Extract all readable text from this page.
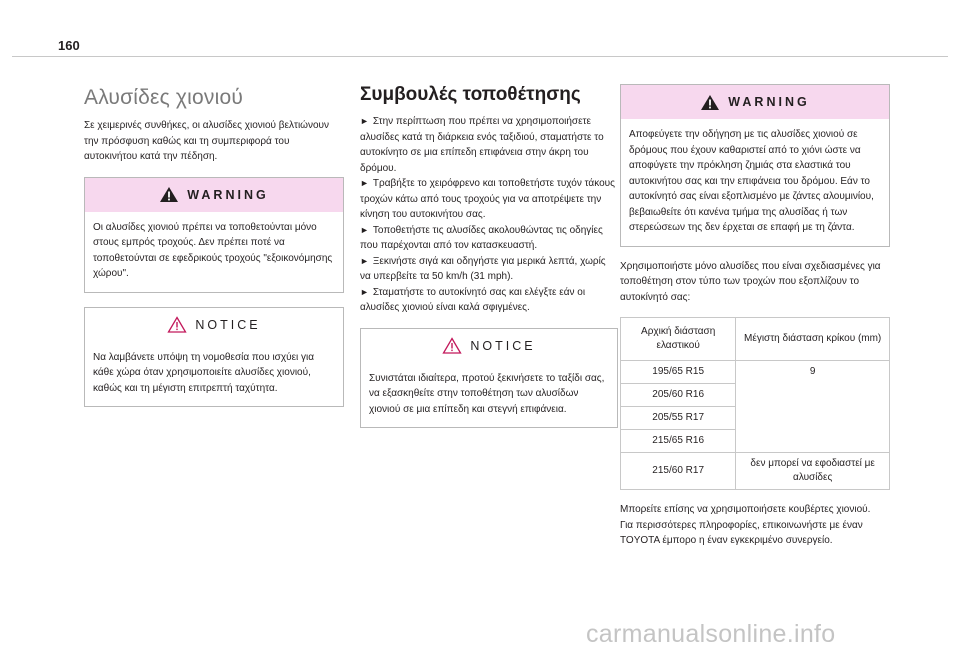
160
Αλυσίδες χιονιού

Σε χειμερινές συνθήκες, οι αλυσίδες χιονιού βελτιώνουν την πρόσφυση καθώς και τη συμπεριφορά του αυτοκινήτου κατά την πέδηση.

WARNING
Οι αλυσίδες χιονιού πρέπει να τοποθετούνται μόνο στους εμπρός τροχούς. Δεν πρέπει ποτέ να τοποθετούνται σε εφεδρικούς τροχούς "εξοικονόμησης χώρου".
NOTICE
Να λαμβάνετε υπόψη τη νομοθεσία που ισχύει για κάθε χώρα όταν χρησιμοποιείτε αλυσίδες χιονιού, καθώς και τη μέγιστη επιτρεπτή ταχύτητα.
Συμβουλές τοποθέτησης

► Στην περίπτωση που πρέπει να χρησιμοποιήσετε αλυσίδες κατά τη διάρκεια ενός ταξιδιού, σταματήστε το αυτοκίνητο σε μια επίπεδη επιφάνεια στην άκρη του δρόμου.

► Τραβήξτε το χειρόφρενο και τοποθετήστε τυχόν τάκους τροχών κάτω από τους τροχούς για να αποτρέψετε την κίνηση του αυτοκινήτου σας.

► Τοποθετήστε τις αλυσίδες ακολουθώντας τις οδηγίες που παρέχονται από τον κατασκευαστή.

► Ξεκινήστε σιγά και οδηγήστε για μερικά λεπτά, χωρίς να υπερβείτε τα 50 km/h (31 mph).

► Σταματήστε το αυτοκίνητό σας και ελέγξτε εάν οι αλυσίδες χιονιού είναι καλά σφιγμένες.

NOTICE
Συνιστάται ιδιαίτερα, προτού ξεκινήσετε το ταξίδι σας, να εξασκηθείτε στην τοποθέτηση των αλυσίδων χιονιού σε μια επίπεδη και στεγνή επιφάνεια.
WARNING
Αποφεύγετε την οδήγηση με τις αλυσίδες χιονιού σε δρόμους που έχουν καθαριστεί από το χιόνι ώστε να αποφύγετε την πρόκληση ζημιάς στα ελαστικά του αυτοκινήτου σας και την επιφάνεια του δρόμου. Εάν το αυτοκίνητό σας είναι εξοπλισμένο με ζάντες αλουμινίου, βεβαιωθείτε ότι κανένα τμήμα της αλυσίδας ή των στερεώσεων της δεν έρχεται σε επαφή με τη ζάντα.

Χρησιμοποιήστε μόνο αλυσίδες που είναι σχεδιασμένες για τοποθέτηση στον τύπο των τροχών που εξοπλίζουν το αυτοκίνητό σας:

Αρχική διάσταση ελαστικού	Μέγιστη διάσταση κρίκου (mm)
195/65 R15	9
205/60 R16	
205/55 R17	
215/65 R16	
215/60 R17	δεν μπορεί να εφοδιαστεί με αλυσίδες

Μπορείτε επίσης να χρησιμοποιήσετε κουβέρτες χιονιού.
Για περισσότερες πληροφορίες, επικοινωνήστε με έναν TOYOTA έμπορο η έναν εγκεκριμένο συνεργείο.

carmanualsonline.info
